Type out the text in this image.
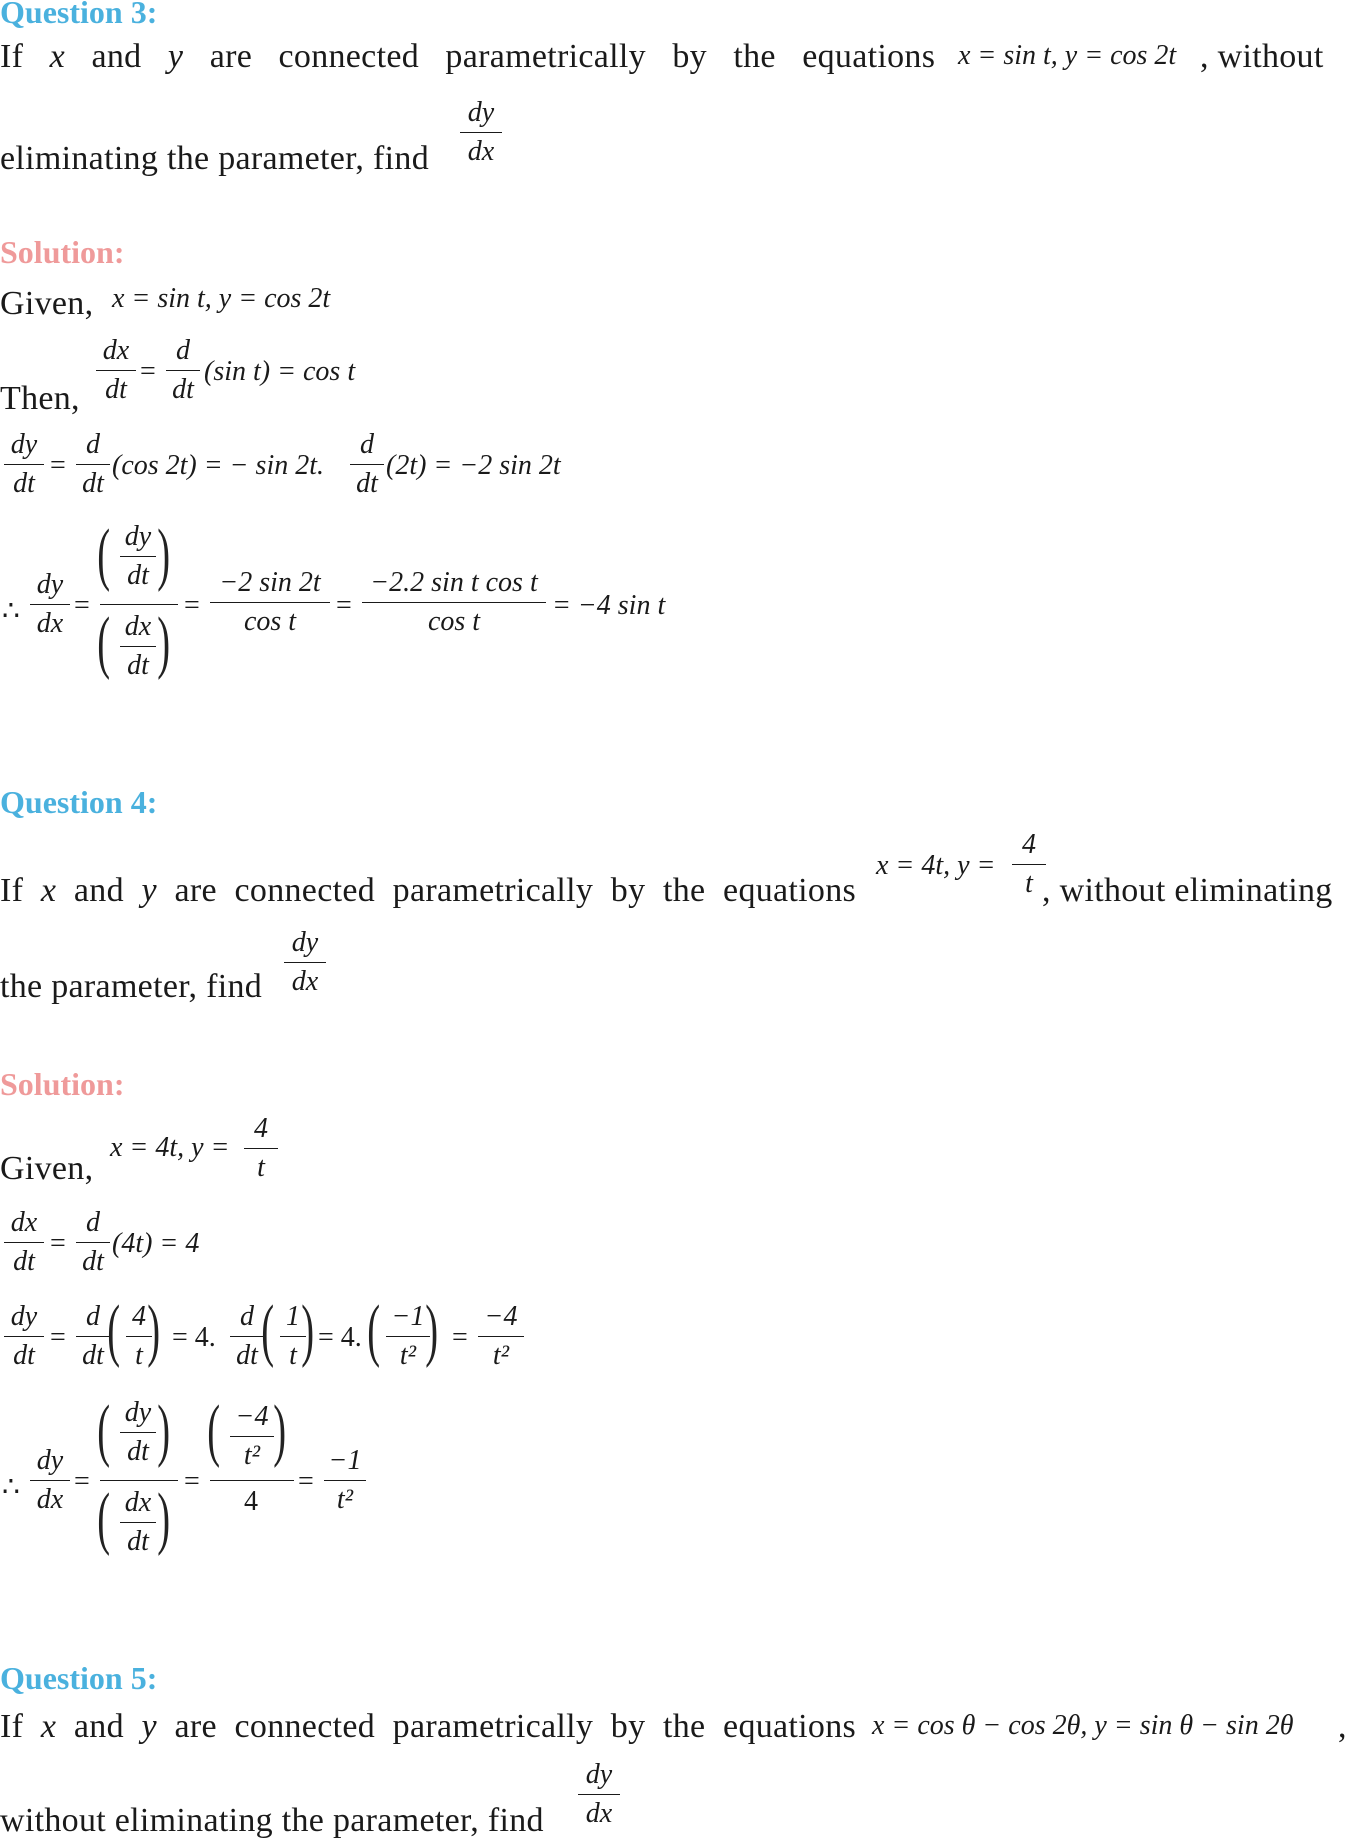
Question 3:
If x and y are connected parametrically by the equations x = sin t, y = cos 2t , without
eliminating the parameter, find
dy
dx
Solution:
Given, x = sin t, y = cos 2t
Then,
dx
dt
=
d
dt
(sin t) = cos t
dy
dt
=
d
dt
(cos 2t) = − sin 2t.
d
dt
(2t) = −2 sin 2t
∴
dy
dx
=
( )
dy
dt
( )
dx
dt
=
−2 sin 2t
cos t
=
−2.2 sin t cos t
cos t
= −4 sin t
Question 4:
If x and y are connected parametrically by the equations
x = 4t, y =
4
t , without eliminating
the parameter, find
dy
dx
Solution:
Given,
x = 4t, y =
4
t
dx
dt
=
d
dt
(4t) = 4
dy
dt
=
d
dt ( 4
t ) = 4.
d
dt ( 1
t ) = 4. ( −1
t² ) =
−4
t²
∴
dy
dx
=
( )
dy
dt
( )
dx
dt
=
( −4
t² )
4
=
−1
t²
Question 5:
If x and y are connected parametrically by the equations x = cos θ − cos 2θ, y = sin θ − sin 2θ ,
without eliminating the parameter, find
dy
dx
